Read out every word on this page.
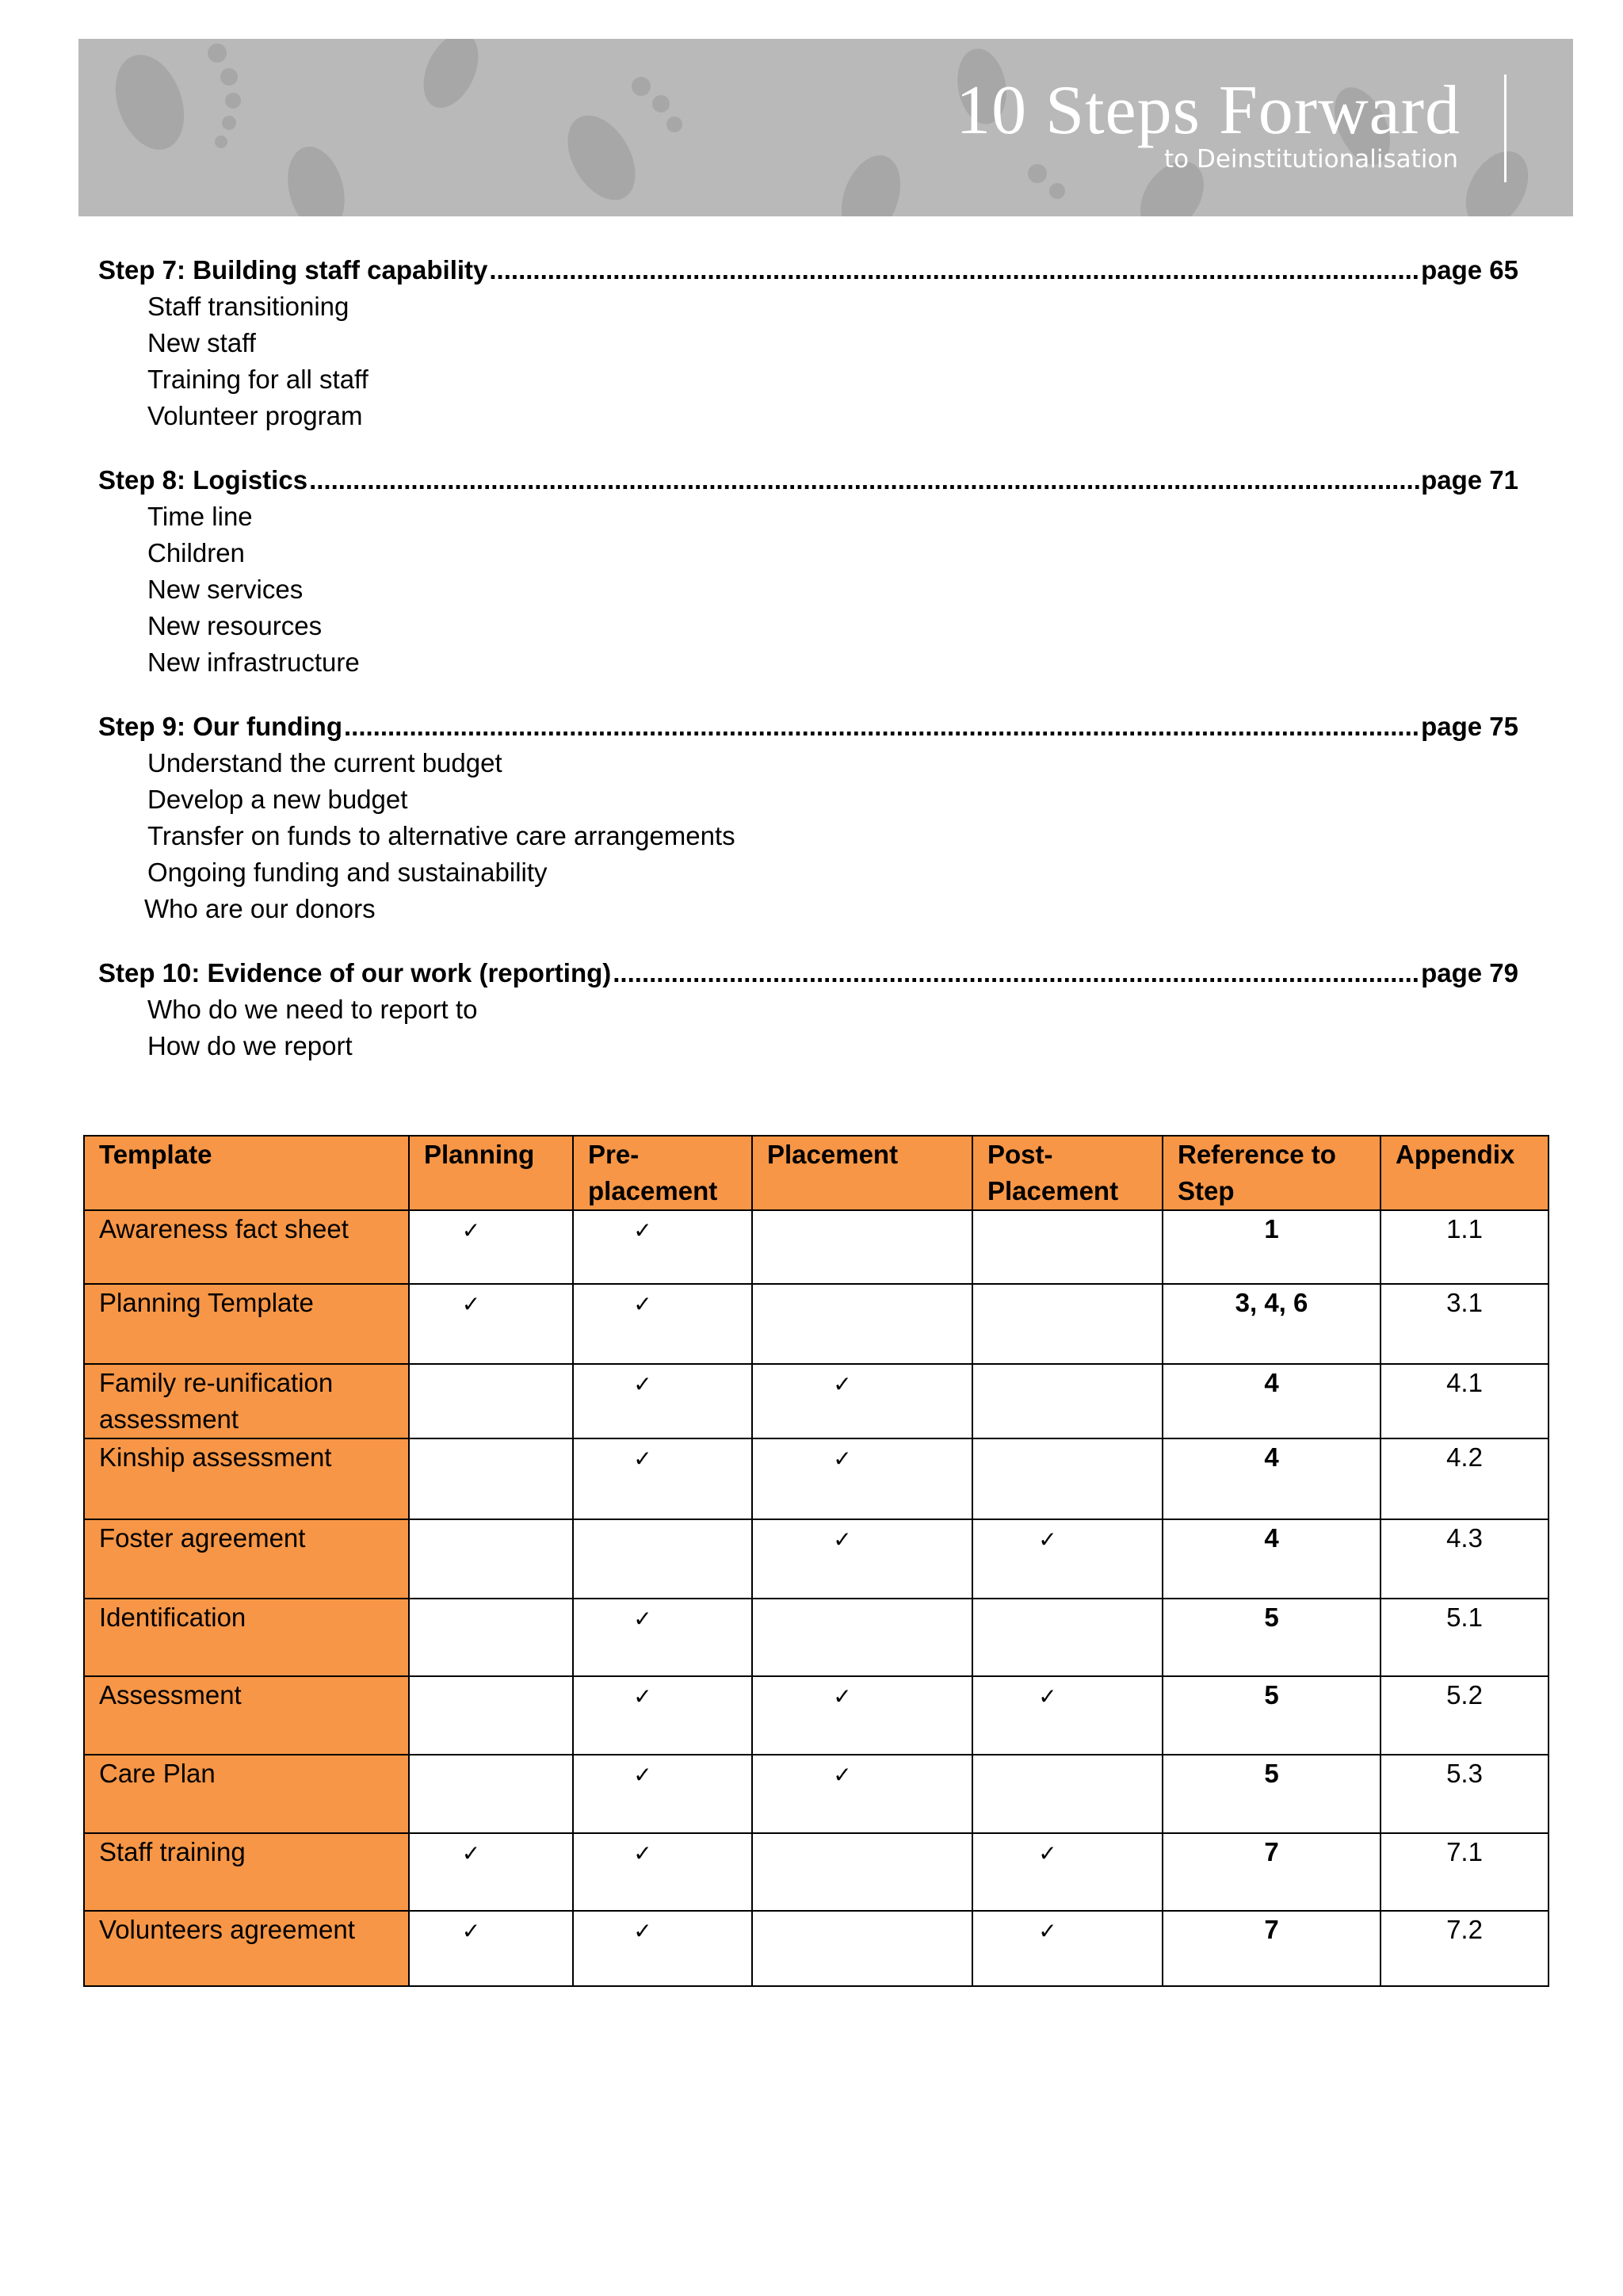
10 Steps Forward
to Deinstitutionalisation
Step 7: Building staff capability .....	page 65
Staff transitioning
New staff
Training for all staff
Volunteer program
Step 8: Logistics .....	page 71
Time line
Children
New services
New resources
New infrastructure
Step 9: Our funding .....	page 75
Understand the current budget
Develop a new budget
Transfer on funds to alternative care arrangements
Ongoing funding and sustainability
Who are our donors
Step 10: Evidence of our work (reporting) .....	page 79
Who do we need to report to
How do we report
Template	Planning	Pre-placement	Placement	Post-Placement	Reference to Step	Appendix
Awareness fact sheet	✓	✓			1	1.1
Planning Template	✓	✓			3, 4, 6	3.1
Family re-unification assessment		✓	✓		4	4.1
Kinship assessment		✓	✓		4	4.2
Foster agreement			✓	✓	4	4.3
Identification		✓			5	5.1
Assessment		✓	✓	✓	5	5.2
Care Plan		✓	✓		5	5.3
Staff training	✓	✓		✓	7	7.1
Volunteers agreement	✓	✓		✓	7	7.2
